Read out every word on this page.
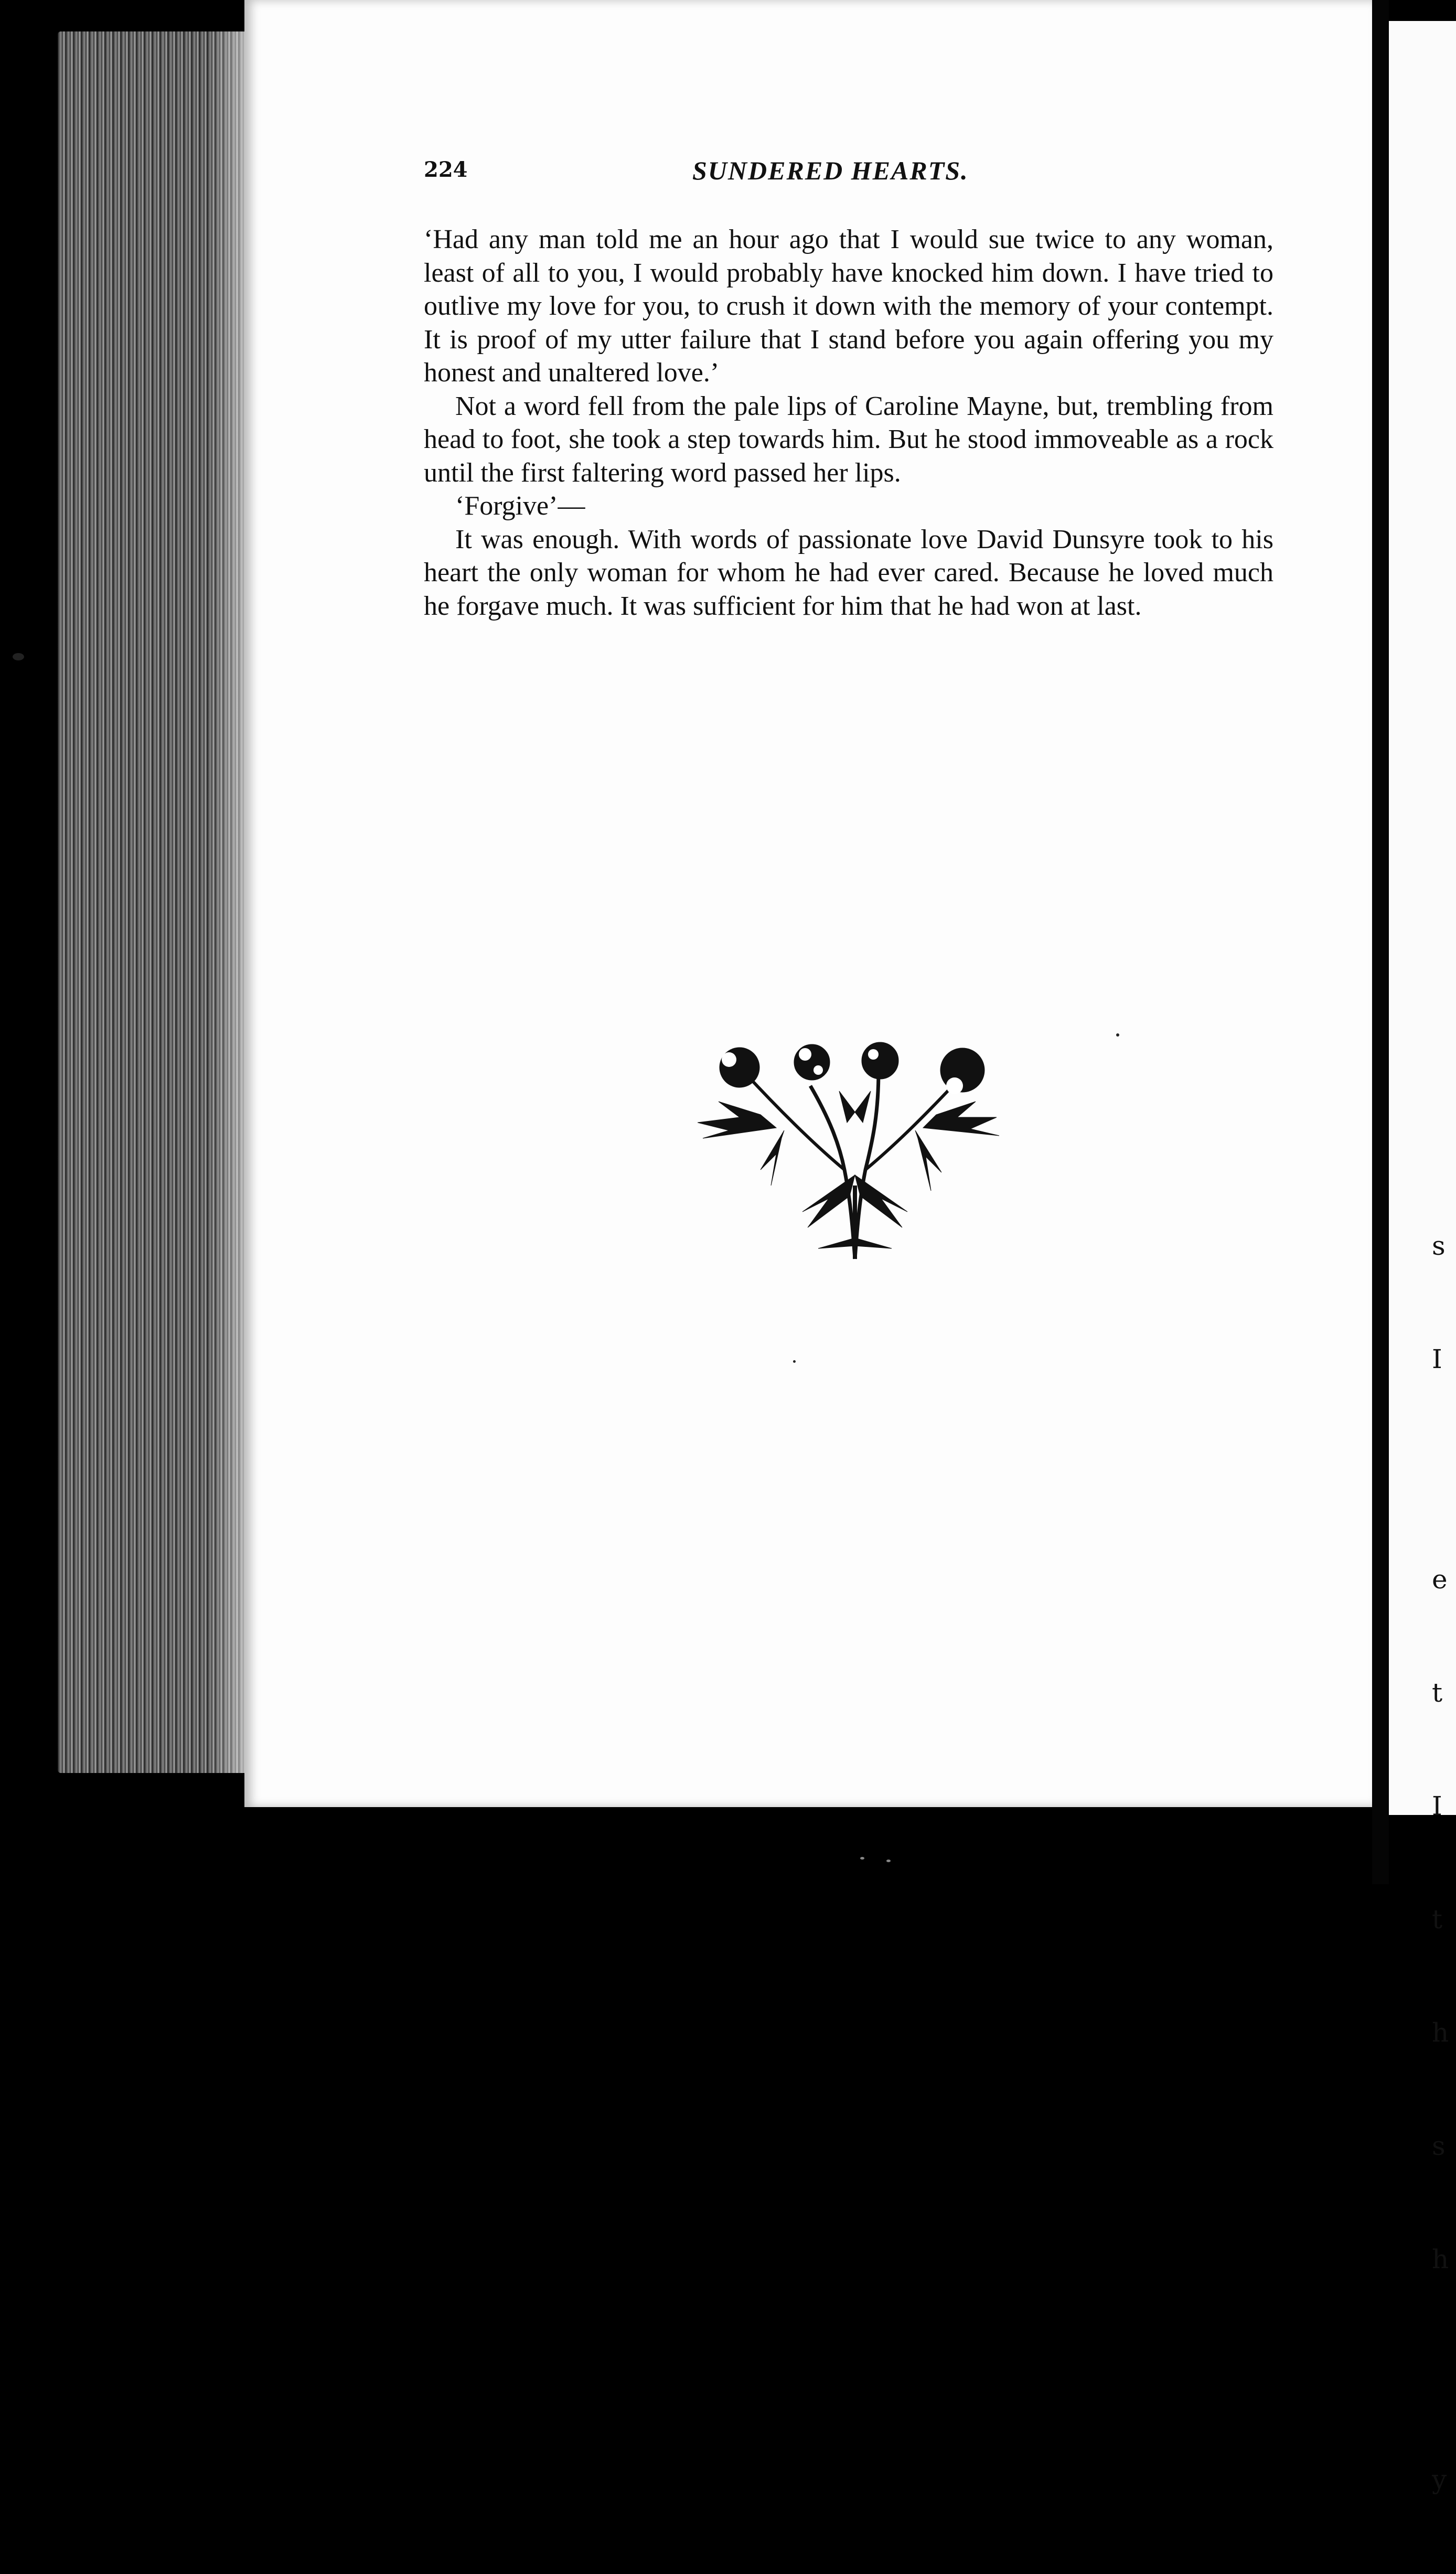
224	SUNDERED HEARTS.

‘Had any man told me an hour ago that I would sue twice to any woman, least of all to you, I would probably have knocked him down. I have tried to outlive my love for you, to crush it down with the memory of your contempt. It is proof of my utter failure that I stand before you again offering you my honest and unaltered love.’

Not a word fell from the pale lips of Caroline Mayne, but, trembling from head to foot, she took a step towards him. But he stood immoveable as a rock until the first faltering word passed her lips.

‘Forgive’—

It was enough. With words of passionate love David Dunsyre took to his heart the only woman for whom he had ever cared. Because he loved much he forgave much. It was sufficient for him that he had won at last.

s

I

e

t

I

t

h

s

h

y
